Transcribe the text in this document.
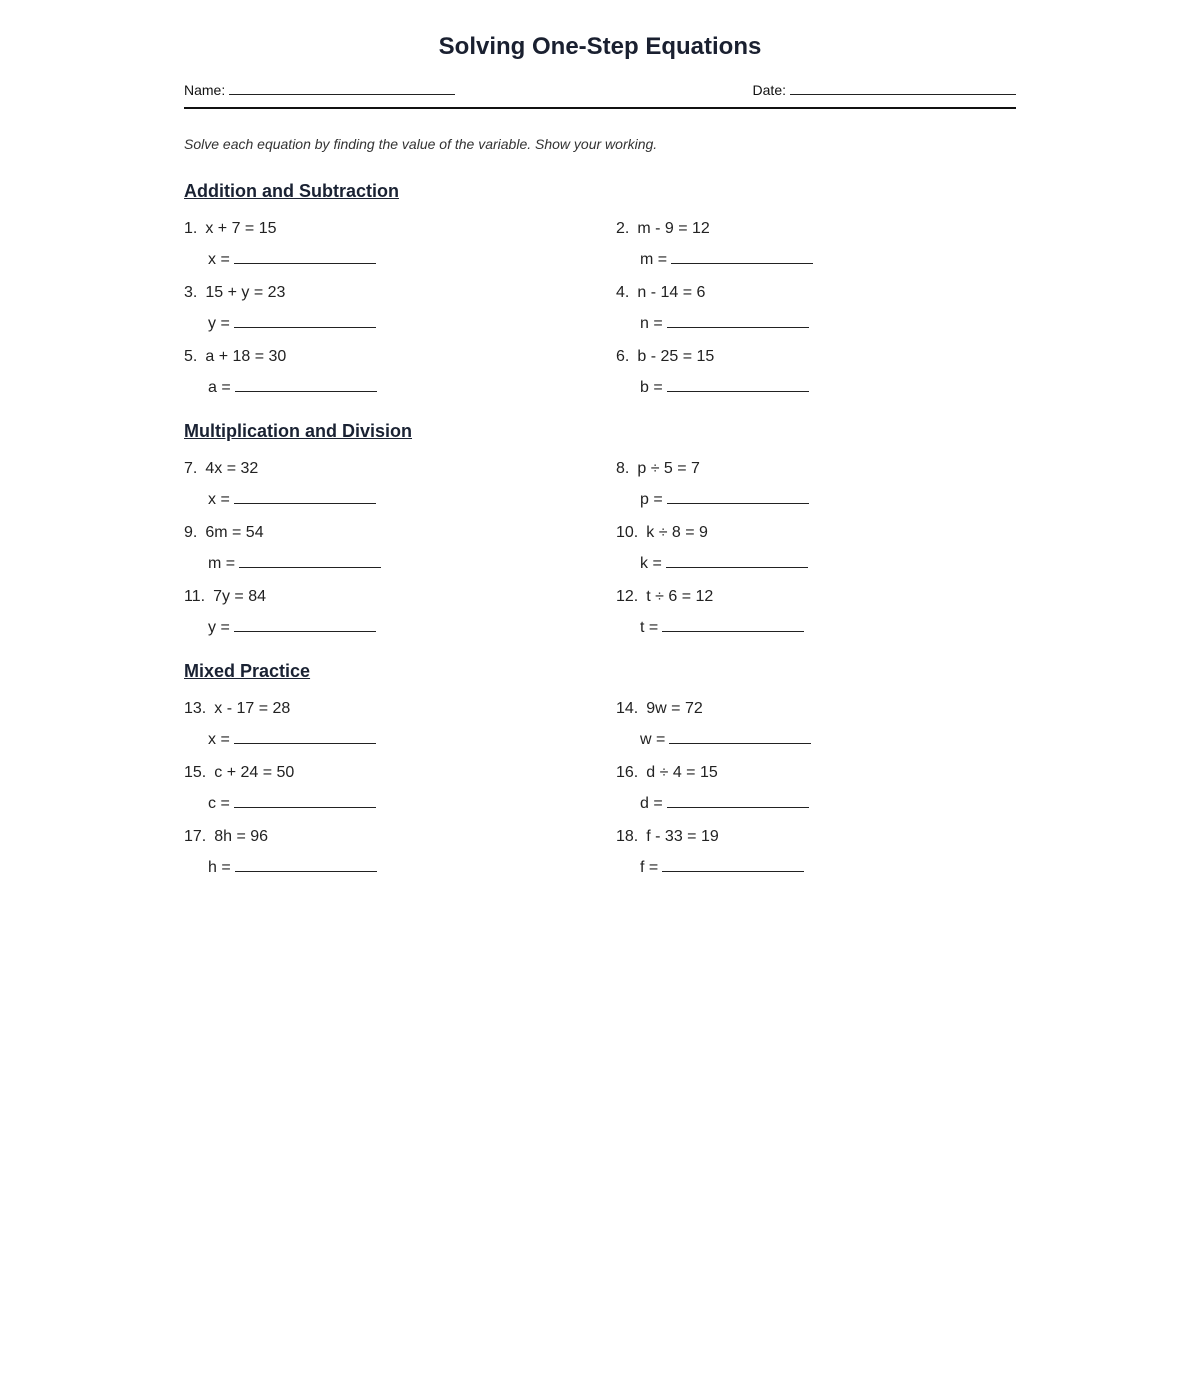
Solving One-Step Equations
Name:	Date:

Solve each equation by finding the value of the variable. Show your working.

Addition and Subtraction
1. x + 7 = 15
x =
2. m - 9 = 12
m =
3. 15 + y = 23
y =
4. n - 14 = 6
n =
5. a + 18 = 30
a =
6. b - 25 = 15
b =
Multiplication and Division
7. 4x = 32
x =
8. p ÷ 5 = 7
p =
9. 6m = 54
m =
10. k ÷ 8 = 9
k =
11. 7y = 84
y =
12. t ÷ 6 = 12
t =
Mixed Practice
13. x - 17 = 28
x =
14. 9w = 72
w =
15. c + 24 = 50
c =
16. d ÷ 4 = 15
d =
17. 8h = 96
h =
18. f - 33 = 19
f =
